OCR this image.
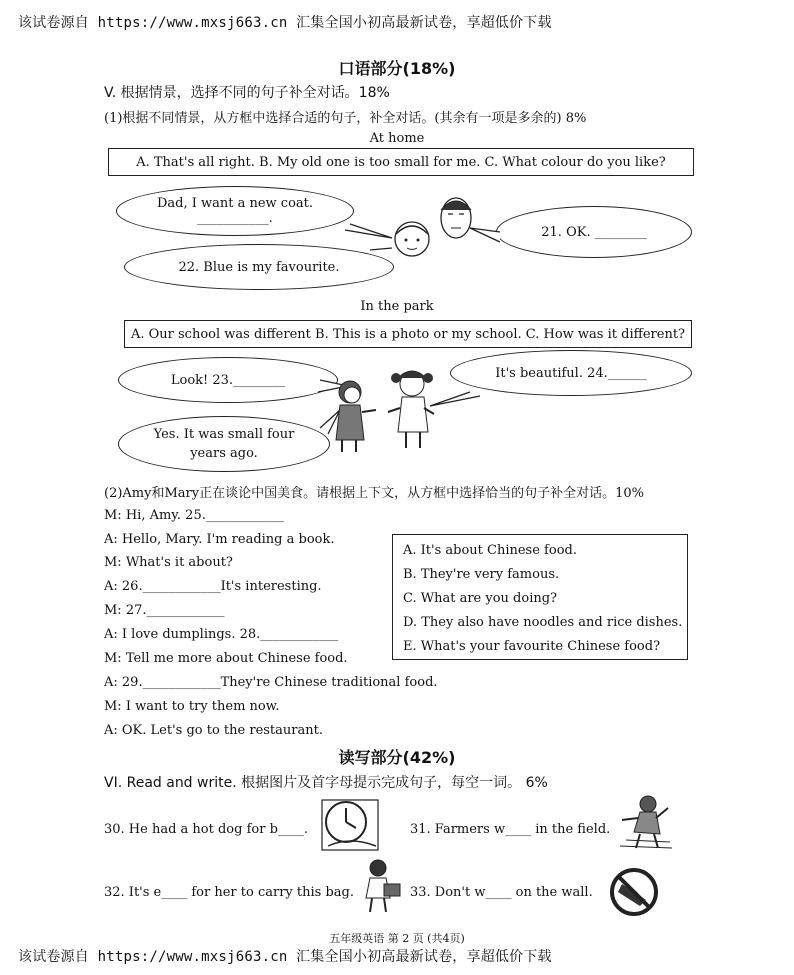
该试卷源自 https://www.mxsj663.cn 汇集全国小初高最新试卷，享超低价下载
口语部分(18%)
V. 根据情景，选择不同的句子补全对话。18%
(1)根据不同情景，从方框中选择合适的句子，补全对话。(其余有一项是多余的) 8%
At home
A. That's all right. B. My old one is too small for me. C. What colour do you like?
Dad, I want a new coat.
___________.
22. Blue is my favourite.
21. OK. ________
In the park
A. Our school was different B. This is a photo or my school. C. How was it different?
Look! 23.________
Yes. It was small four
years ago.
It's beautiful. 24.______
(2)Amy和Mary正在谈论中国美食。请根据上下文，从方框中选择恰当的句子补全对话。10%
M: Hi, Amy. 25.____________
A: Hello, Mary. I'm reading a book.
M: What's it about?
A: 26.____________It's interesting.
M: 27.____________
A: I love dumplings. 28.____________
M: Tell me more about Chinese food.
A: 29.____________They're Chinese traditional food.
M: I want to try them now.
A: OK. Let's go to the restaurant.
A. It's about Chinese food.
B. They're very famous.
C. What are you doing?
D. They also have noodles and rice dishes.
E. What's your favourite Chinese food?
读写部分(42%)
VI. Read and write. 根据图片及首字母提示完成句子，每空一词。 6%
30. He had a hot dog for b____.	31. Farmers w____ in the field.
32. It's e____ for her to carry this bag.	33. Don't w____ on the wall.
五年级英语 第 2 页 (共4页)
该试卷源自 https://www.mxsj663.cn 汇集全国小初高最新试卷，享超低价下载
